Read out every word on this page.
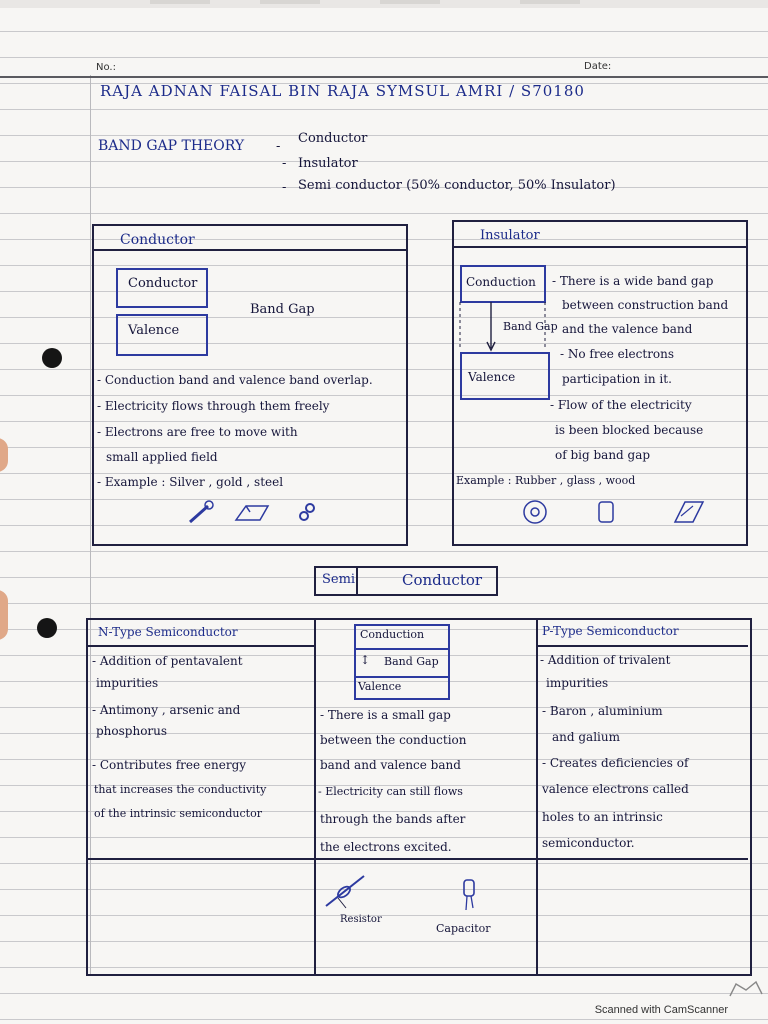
No.:	Date:
RAJA ADNAN FAISAL BIN RAJA SYMSUL AMRI / S70180
BAND GAP THEORY -
Conductor
- Insulator
- Semi conductor (50% conductor, 50% Insulator)
Conductor
Conductor
Valence
Band Gap
- Conduction band and valence band overlap.
- Electricity flows through them freely
- Electrons are free to move with
small applied field
- Example : Silver , gold , steel
Insulator
Conduction
Band Gap
Valence
- There is a wide band gap
between construction band
and the valence band
- No free electrons
participation in it.
- Flow of the electricity
is been blocked because
of big band gap
Example : Rubber , glass , wood
Semi	Conductor
N-Type Semiconductor
- Addition of pentavalent
impurities
- Antimony , arsenic and
phosphorus
- Contributes free energy
that increases the conductivity
of the intrinsic semiconductor
Conduction
↕ Band Gap
Valence
- There is a small gap
between the conduction
band and valence band
- Electricity can still flows
through the bands after
the electrons excited.
Resistor
Capacitor
P-Type Semiconductor
- Addition of trivalent
impurities
- Baron , aluminium
and galium
- Creates deficiencies of
valence electrons called
holes to an intrinsic
semiconductor.
Scanned with CamScanner
